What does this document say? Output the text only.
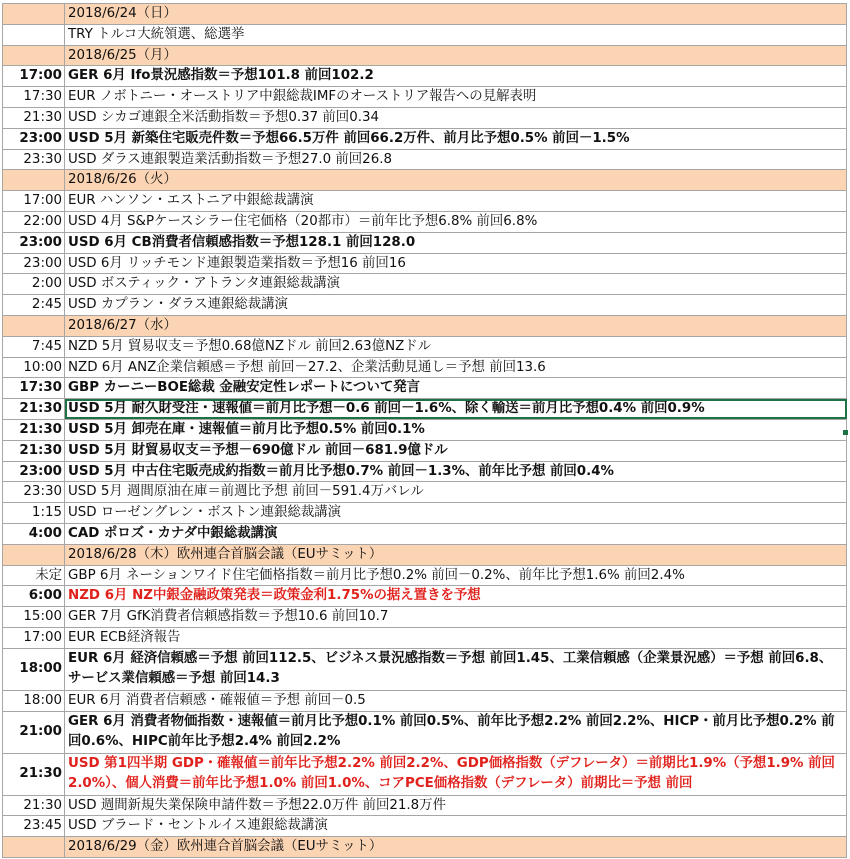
	2018/6/24（日）
	TRY トルコ大統領選、総選挙
	2018/6/25（月）
17:00	GER 6月 Ifo景況感指数＝予想101.8 前回102.2
17:30	EUR ノボトニー・オーストリア中銀総裁IMFのオーストリア報告への見解表明
21:30	USD シカゴ連銀全米活動指数＝予想0.37 前回0.34
23:00	USD 5月 新築住宅販売件数＝予想66.5万件 前回66.2万件、前月比予想0.5% 前回－1.5%
23:30	USD ダラス連銀製造業活動指数＝予想27.0 前回26.8
	2018/6/26（火）
17:00	EUR ハンソン・エストニア中銀総裁講演
22:00	USD 4月 S&Pケースシラー住宅価格（20都市）＝前年比予想6.8% 前回6.8%
23:00	USD 6月 CB消費者信頼感指数＝予想128.1 前回128.0
23:00	USD 6月 リッチモンド連銀製造業指数＝予想16 前回16
2:00	USD ボスティック・アトランタ連銀総裁講演
2:45	USD カプラン・ダラス連銀総裁講演
	2018/6/27（水）
7:45	NZD 5月 貿易収支＝予想0.68億NZドル 前回2.63億NZドル
10:00	NZD 6月 ANZ企業信頼感＝予想 前回－27.2、企業活動見通し＝予想 前回13.6
17:30	GBP カーニーBOE総裁 金融安定性レポートについて発言
21:30	USD 5月 耐久財受注・速報値＝前月比予想－0.6 前回－1.6%、除く輸送＝前月比予想0.4% 前回0.9%
21:30	USD 5月 卸売在庫・速報値＝前月比予想0.5% 前回0.1%
21:30	USD 5月 財貿易収支＝予想－690億ドル 前回－681.9億ドル
23:00	USD 5月 中古住宅販売成約指数＝前月比予想0.7% 前回－1.3%、前年比予想 前回0.4%
23:30	USD 5月 週間原油在庫＝前週比予想 前回－591.4万バレル
1:15	USD ローゼングレン・ボストン連銀総裁講演
4:00	CAD ポロズ・カナダ中銀総裁講演
	2018/6/28（木）欧州連合首脳会議（EUサミット）
未定	GBP 6月 ネーションワイド住宅価格指数＝前月比予想0.2% 前回－0.2%、前年比予想1.6% 前回2.4%
6:00	NZD 6月 NZ中銀金融政策発表＝政策金利1.75%の据え置きを予想
15:00	GER 7月 GfK消費者信頼感指数＝予想10.6 前回10.7
17:00	EUR ECB経済報告
18:00	EUR 6月 経済信頼感＝予想 前回112.5、ビジネス景況感指数＝予想 前回1.45、工業信頼感（企業景況感）＝予想 前回6.8、サービス業信頼感＝予想 前回14.3
18:00	EUR 6月 消費者信頼感・確報値＝予想 前回－0.5
21:00	GER 6月 消費者物価指数・速報値＝前月比予想0.1% 前回0.5%、前年比予想2.2% 前回2.2%、HICP・前月比予想0.2% 前回0.6%、HIPC前年比予想2.4% 前回2.2%
21:30	USD 第1四半期 GDP・確報値＝前年比予想2.2% 前回2.2%、GDP価格指数（デフレータ）＝前期比1.9%（予想1.9% 前回2.0%）、個人消費＝前年比予想1.0% 前回1.0%、コアPCE価格指数（デフレータ）前期比＝予想 前回
21:30	USD 週間新規失業保険申請件数＝予想22.0万件 前回21.8万件
23:45	USD ブラード・セントルイス連銀総裁講演
	2018/6/29（金）欧州連合首脳会議（EUサミット）
